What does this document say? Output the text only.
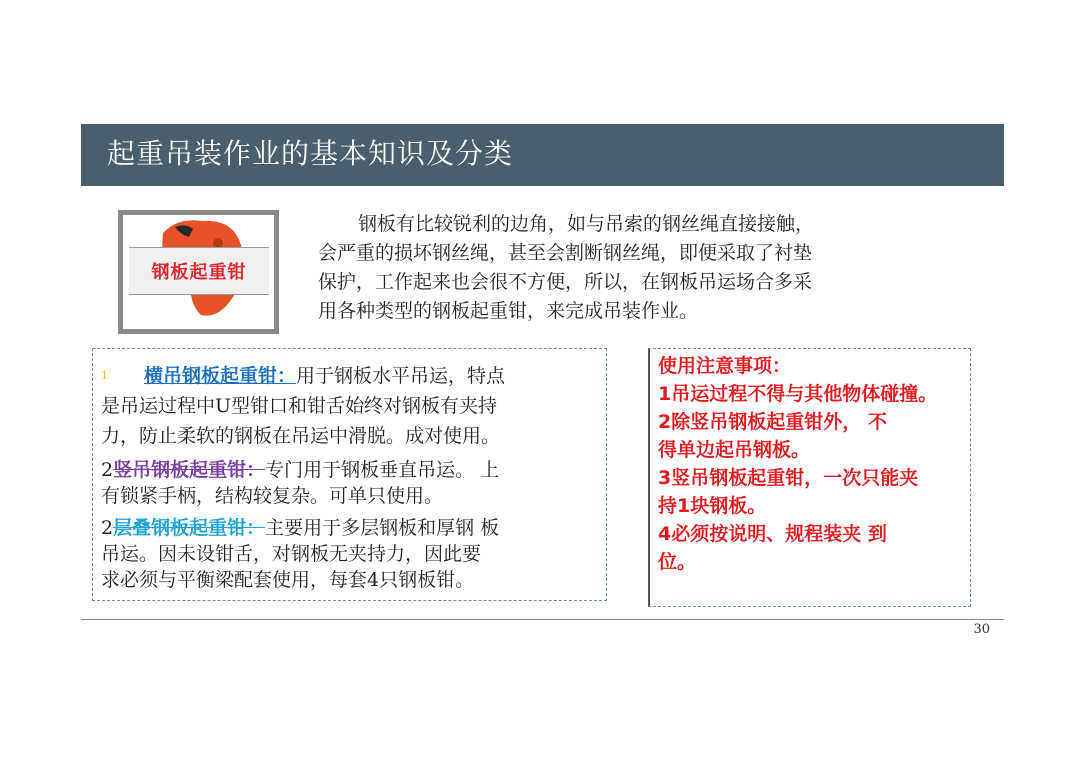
起重吊装作业的基本知识及分类
钢板起重钳

钢板有比较锐利的边角，如与吊索的钢丝绳直接接触，

会严重的损坏钢丝绳，甚至会割断钢丝绳，即便采取了衬垫

保护，工作起来也会很不方便，所以，在钢板吊运场合多采

用各种类型的钢板起重钳，来完成吊装作业。

$^1$ 横吊钢板起重钳：用于钢板水平吊运，特点
是吊运过程中U型钳口和钳舌始终对钢板有夹持
力，防止柔软的钢板在吊运中滑脱。成对使用。
2竖吊钢板起重钳：专门用于钢板垂直吊运。 上
有锁紧手柄，结构较复杂。可单只使用。
2层叠钢板起重钳：主要用于多层钢板和厚钢 板
吊运。因未设钳舌，对钢板无夹持力，因此要
求必须与平衡梁配套使用，每套4只钢板钳。

使用注意事项：

1吊运过程不得与其他物体碰撞。

2除竖吊钢板起重钳外， 不

得单边起吊钢板。

3竖吊钢板起重钳，一次只能夹

持1块钢板。

4必须按说明、规程装夹 到

位。

30
